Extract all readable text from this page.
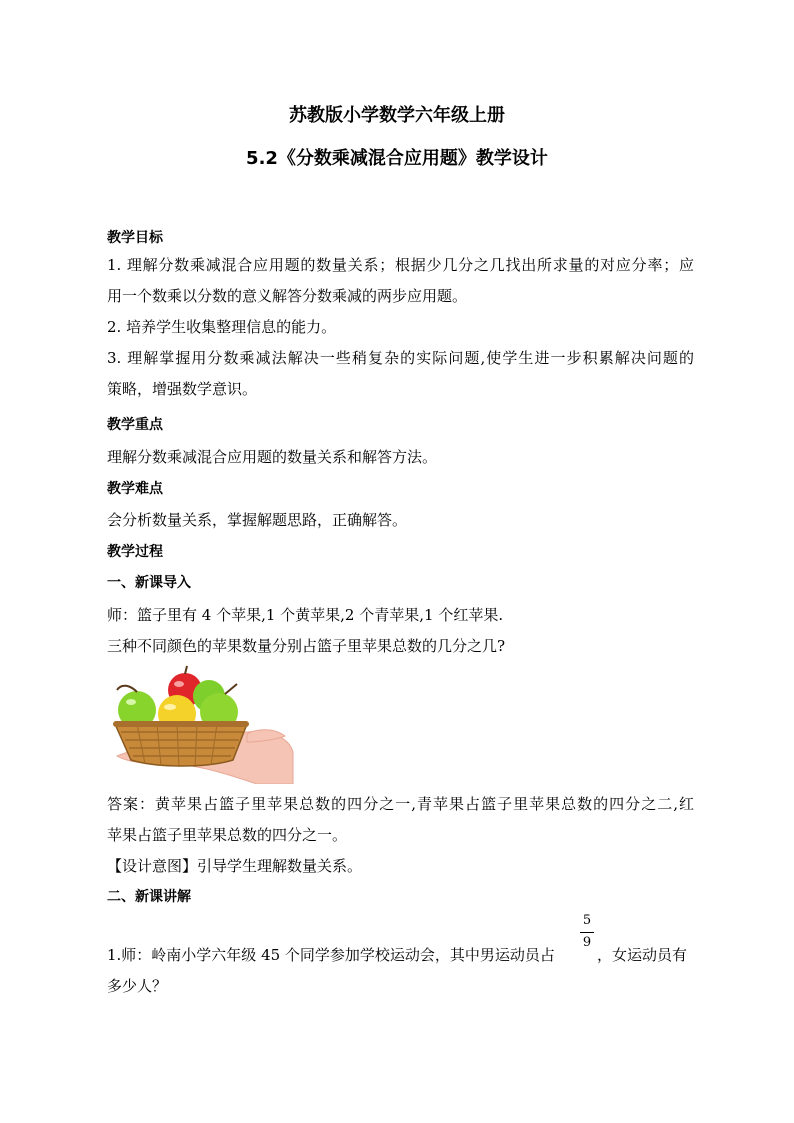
苏教版小学数学六年级上册
5.2《分数乘减混合应用题》教学设计
教学目标
1. 理解分数乘减混合应用题的数量关系；根据少几分之几找出所求量的对应分率；应
用一个数乘以分数的意义解答分数乘减的两步应用题。
2. 培养学生收集整理信息的能力。
3. 理解掌握用分数乘减法解决一些稍复杂的实际问题,使学生进一步积累解决问题的
策略，增强数学意识。
教学重点
理解分数乘减混合应用题的数量关系和解答方法。
教学难点
会分析数量关系，掌握解题思路，正确解答。
教学过程
一、新课导入
师：篮子里有 4 个苹果,1 个黄苹果,2 个青苹果,1 个红苹果.
三种不同颜色的苹果数量分别占篮子里苹果总数的几分之几?
答案：黄苹果占篮子里苹果总数的四分之一,青苹果占篮子里苹果总数的四分之二,红
苹果占篮子里苹果总数的四分之一。
【设计意图】引导学生理解数量关系。
二、新课讲解
1.师：岭南小学六年级 45 个同学参加学校运动会，其中男运动员占
5
9
，女运动员有
多少人？
